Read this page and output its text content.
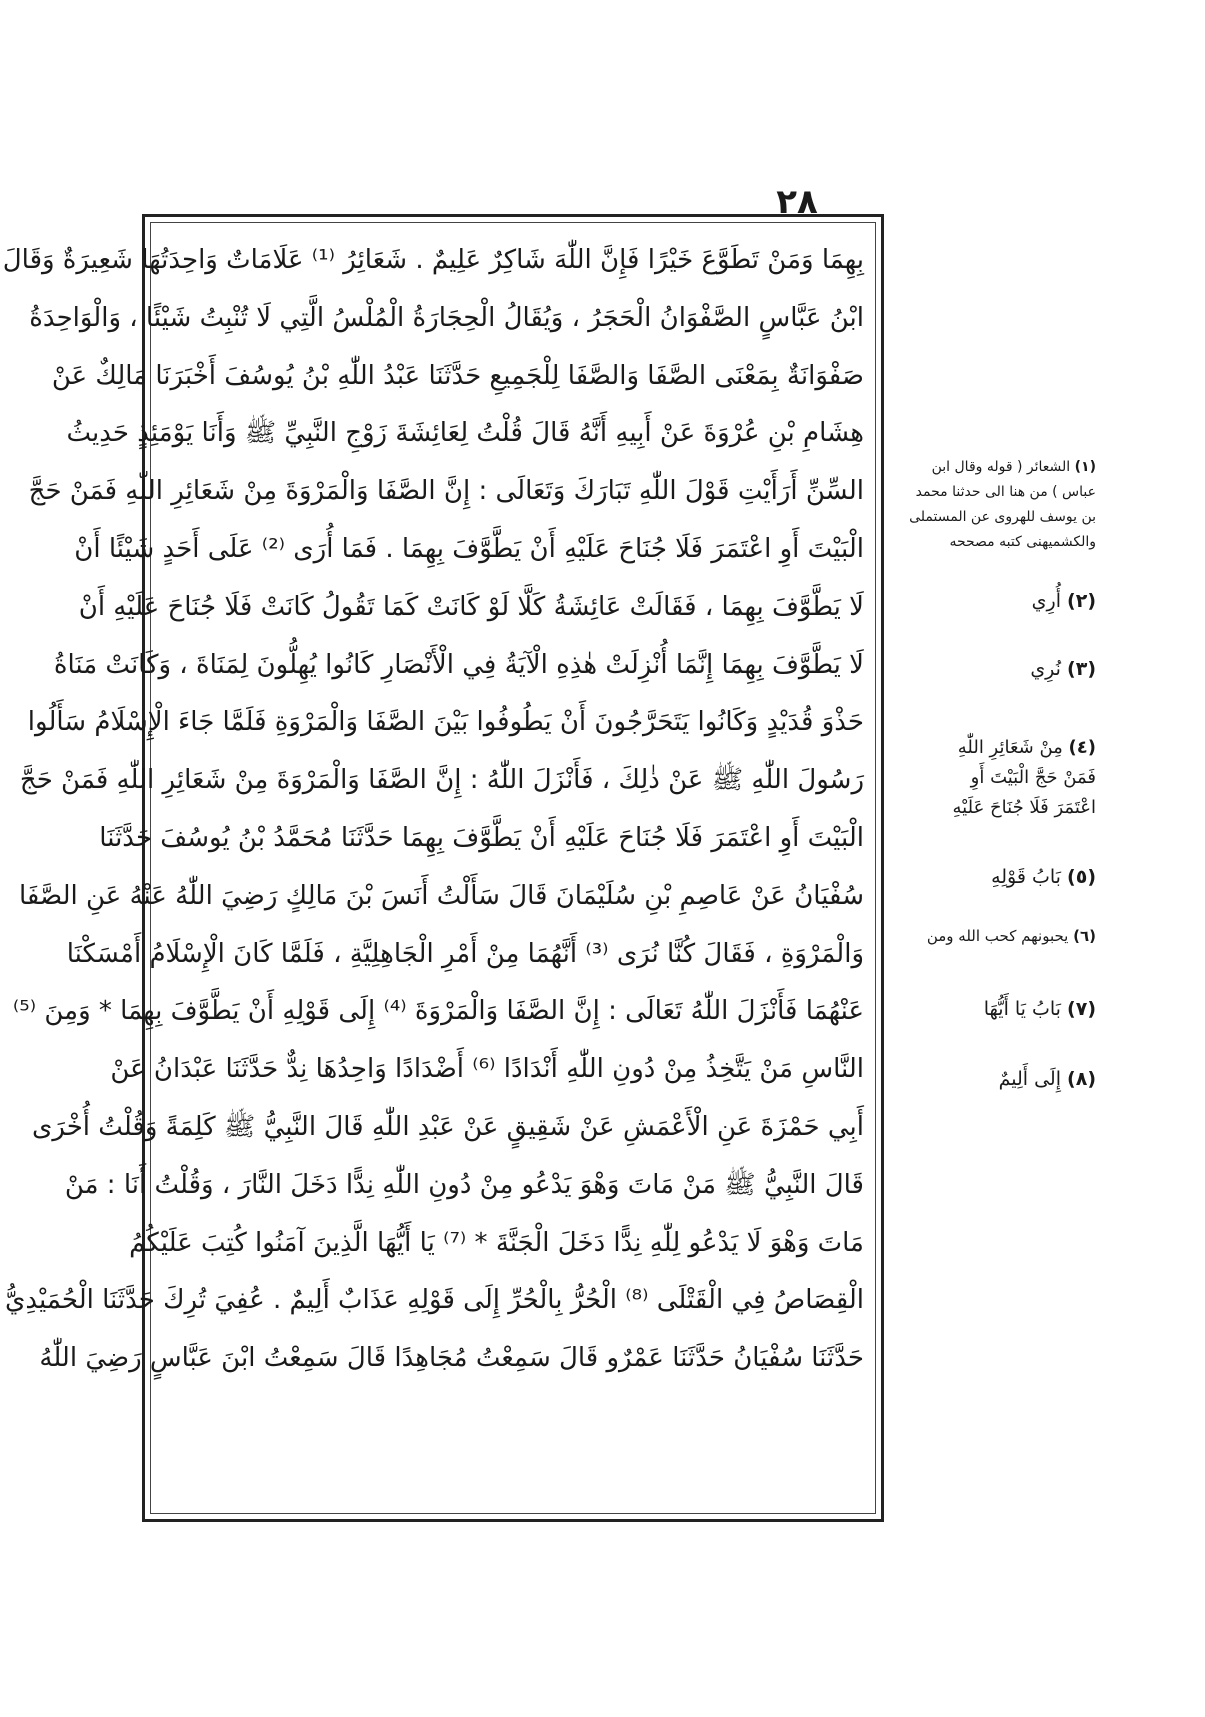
٢٨
بِهِمَا وَمَنْ تَطَوَّعَ خَيْرًا فَإِنَّ اللّٰهَ شَاكِرٌ عَلِيمٌ . شَعَائِرُ ⁽¹⁾ عَلَامَاتٌ وَاحِدَتُهَا شَعِيرَةٌ وَقَالَ
ابْنُ عَبَّاسٍ الصَّفْوَانُ الْحَجَرُ ، وَيُقَالُ الْحِجَارَةُ الْمُلْسُ الَّتِي لَا تُنْبِتُ شَيْئًا ، وَالْوَاحِدَةُ
صَفْوَانَةٌ بِمَعْنَى الصَّفَا وَالصَّفَا لِلْجَمِيعِ حَدَّثَنَا عَبْدُ اللّٰهِ بْنُ يُوسُفَ أَخْبَرَنَا مَالِكٌ عَنْ
هِشَامِ بْنِ عُرْوَةَ عَنْ أَبِيهِ أَنَّهُ قَالَ قُلْتُ لِعَائِشَةَ زَوْجِ النَّبِيِّ ﷺ وَأَنَا يَوْمَئِذٍ حَدِيثُ
السِّنِّ أَرَأَيْتِ قَوْلَ اللّٰهِ تَبَارَكَ وَتَعَالَى : إِنَّ الصَّفَا وَالْمَرْوَةَ مِنْ شَعَائِرِ اللّٰهِ فَمَنْ حَجَّ
الْبَيْتَ أَوِ اعْتَمَرَ فَلَا جُنَاحَ عَلَيْهِ أَنْ يَطَّوَّفَ بِهِمَا . فَمَا أُرَى ⁽²⁾ عَلَى أَحَدٍ شَيْئًا أَنْ
لَا يَطَّوَّفَ بِهِمَا ، فَقَالَتْ عَائِشَةُ كَلَّا لَوْ كَانَتْ كَمَا تَقُولُ كَانَتْ فَلَا جُنَاحَ عَلَيْهِ أَنْ
لَا يَطَّوَّفَ بِهِمَا إِنَّمَا أُنْزِلَتْ هٰذِهِ الْآيَةُ فِي الْأَنْصَارِ كَانُوا يُهِلُّونَ لِمَنَاةَ ، وَكَانَتْ مَنَاةُ
حَذْوَ قُدَيْدٍ وَكَانُوا يَتَحَرَّجُونَ أَنْ يَطُوفُوا بَيْنَ الصَّفَا وَالْمَرْوَةِ فَلَمَّا جَاءَ الْإِسْلَامُ سَأَلُوا
رَسُولَ اللّٰهِ ﷺ عَنْ ذٰلِكَ ، فَأَنْزَلَ اللّٰهُ : إِنَّ الصَّفَا وَالْمَرْوَةَ مِنْ شَعَائِرِ اللّٰهِ فَمَنْ حَجَّ
الْبَيْتَ أَوِ اعْتَمَرَ فَلَا جُنَاحَ عَلَيْهِ أَنْ يَطَّوَّفَ بِهِمَا حَدَّثَنَا مُحَمَّدُ بْنُ يُوسُفَ حَدَّثَنَا
سُفْيَانُ عَنْ عَاصِمِ بْنِ سُلَيْمَانَ قَالَ سَأَلْتُ أَنَسَ بْنَ مَالِكٍ رَضِيَ اللّٰهُ عَنْهُ عَنِ الصَّفَا
وَالْمَرْوَةِ ، فَقَالَ كُنَّا نُرَى ⁽³⁾ أَنَّهُمَا مِنْ أَمْرِ الْجَاهِلِيَّةِ ، فَلَمَّا كَانَ الْإِسْلَامُ أَمْسَكْنَا
عَنْهُمَا فَأَنْزَلَ اللّٰهُ تَعَالَى : إِنَّ الصَّفَا وَالْمَرْوَةَ ⁽⁴⁾ إِلَى قَوْلِهِ أَنْ يَطَّوَّفَ بِهِمَا * وَمِنَ ⁽⁵⁾
النَّاسِ مَنْ يَتَّخِذُ مِنْ دُونِ اللّٰهِ أَنْدَادًا ⁽⁶⁾ أَضْدَادًا وَاحِدُهَا نِدٌّ حَدَّثَنَا عَبْدَانُ عَنْ
أَبِي حَمْزَةَ عَنِ الْأَعْمَشِ عَنْ شَقِيقٍ عَنْ عَبْدِ اللّٰهِ قَالَ النَّبِيُّ ﷺ كَلِمَةً وَقُلْتُ أُخْرَى
قَالَ النَّبِيُّ ﷺ مَنْ مَاتَ وَهْوَ يَدْعُو مِنْ دُونِ اللّٰهِ نِدًّا دَخَلَ النَّارَ ، وَقُلْتُ أَنَا : مَنْ
مَاتَ وَهْوَ لَا يَدْعُو لِلّٰهِ نِدًّا دَخَلَ الْجَنَّةَ * ⁽⁷⁾ يَا أَيُّهَا الَّذِينَ آمَنُوا كُتِبَ عَلَيْكُمُ
الْقِصَاصُ فِي الْقَتْلَى ⁽⁸⁾ الْحُرُّ بِالْحُرِّ إِلَى قَوْلِهِ عَذَابٌ أَلِيمٌ . عُفِيَ تُرِكَ حَدَّثَنَا الْحُمَيْدِيُّ
حَدَّثَنَا سُفْيَانُ حَدَّثَنَا عَمْرٌو قَالَ سَمِعْتُ مُجَاهِدًا قَالَ سَمِعْتُ ابْنَ عَبَّاسٍ رَضِيَ اللّٰهُ
(١) الشعائر ( قوله وقال ابن عباس ) من هنا الى حدثنا محمد بن يوسف للهروى عن المستملى والكشميهنى كتبه مصححه
(٢) أُرِي
(٣) نُرِي
(٤) مِنْ شَعَائِرِ اللّٰهِ فَمَنْ حَجَّ الْبَيْتَ أَوِ اعْتَمَرَ فَلَا جُنَاحَ عَلَيْهِ
(٥) بَابُ قَوْلِهِ
(٦) يحبونهم كحب الله ومن
(٧) بَابُ يَا أَيُّهَا
(٨) إِلَى أَلِيمٌ
